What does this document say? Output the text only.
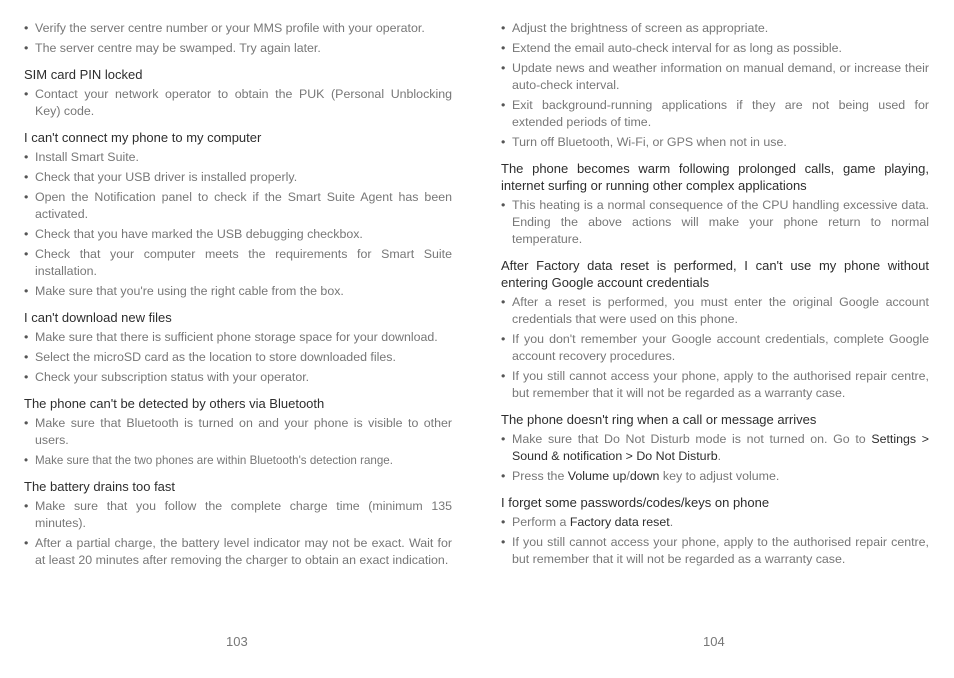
• Verify the server centre number or your MMS profile with your operator.
• The server centre may be swamped. Try again later.
SIM card PIN locked
• Contact your network operator to obtain the PUK (Personal Unblocking Key) code.
I can't connect my phone to my computer
• Install Smart Suite.
• Check that your USB driver is installed properly.
• Open the Notification panel to check if the Smart Suite Agent has been activated.
• Check that you have marked the USB debugging checkbox.
• Check that your computer meets the requirements for Smart Suite installation.
• Make sure that you're using the right cable from the box.
I can't download new files
• Make sure that there is sufficient phone storage space for your download.
• Select the microSD card as the location to store downloaded files.
• Check your subscription status with your operator.
The phone can't be detected by others via Bluetooth
• Make sure that Bluetooth is turned on and your phone is visible to other users.
• Make sure that the two phones are within Bluetooth's detection range.
The battery drains too fast
• Make sure that you follow the complete charge time (minimum 135 minutes).
• After a partial charge, the battery level indicator may not be exact. Wait for at least 20 minutes after removing the charger to obtain an exact indication.
• Adjust the brightness of screen as appropriate.
• Extend the email auto-check interval for as long as possible.
• Update news and weather information on manual demand, or increase their auto-check interval.
• Exit background-running applications if they are not being used for extended periods of time.
• Turn off Bluetooth, Wi-Fi, or GPS when not in use.
The phone becomes warm following prolonged calls, game playing, internet surfing or running other complex applications
• This heating is a normal consequence of the CPU handling excessive data. Ending the above actions will make your phone return to normal temperature.
After Factory data reset is performed, I can't use my phone without entering Google account credentials
• After a reset is performed, you must enter the original Google account credentials that were used on this phone.
• If you don't remember your Google account credentials, complete Google account recovery procedures.
• If you still cannot access your phone, apply to the authorised repair centre, but remember that it will not be regarded as a warranty case.
The phone doesn't ring when a call or message arrives
• Make sure that Do Not Disturb mode is not turned on. Go to Settings > Sound & notification > Do Not Disturb.
• Press the Volume up/down key to adjust volume.
I forget some passwords/codes/keys on phone
• Perform a Factory data reset.
• If you still cannot access your phone, apply to the authorised repair centre, but remember that it will not be regarded as a warranty case.
103	104
